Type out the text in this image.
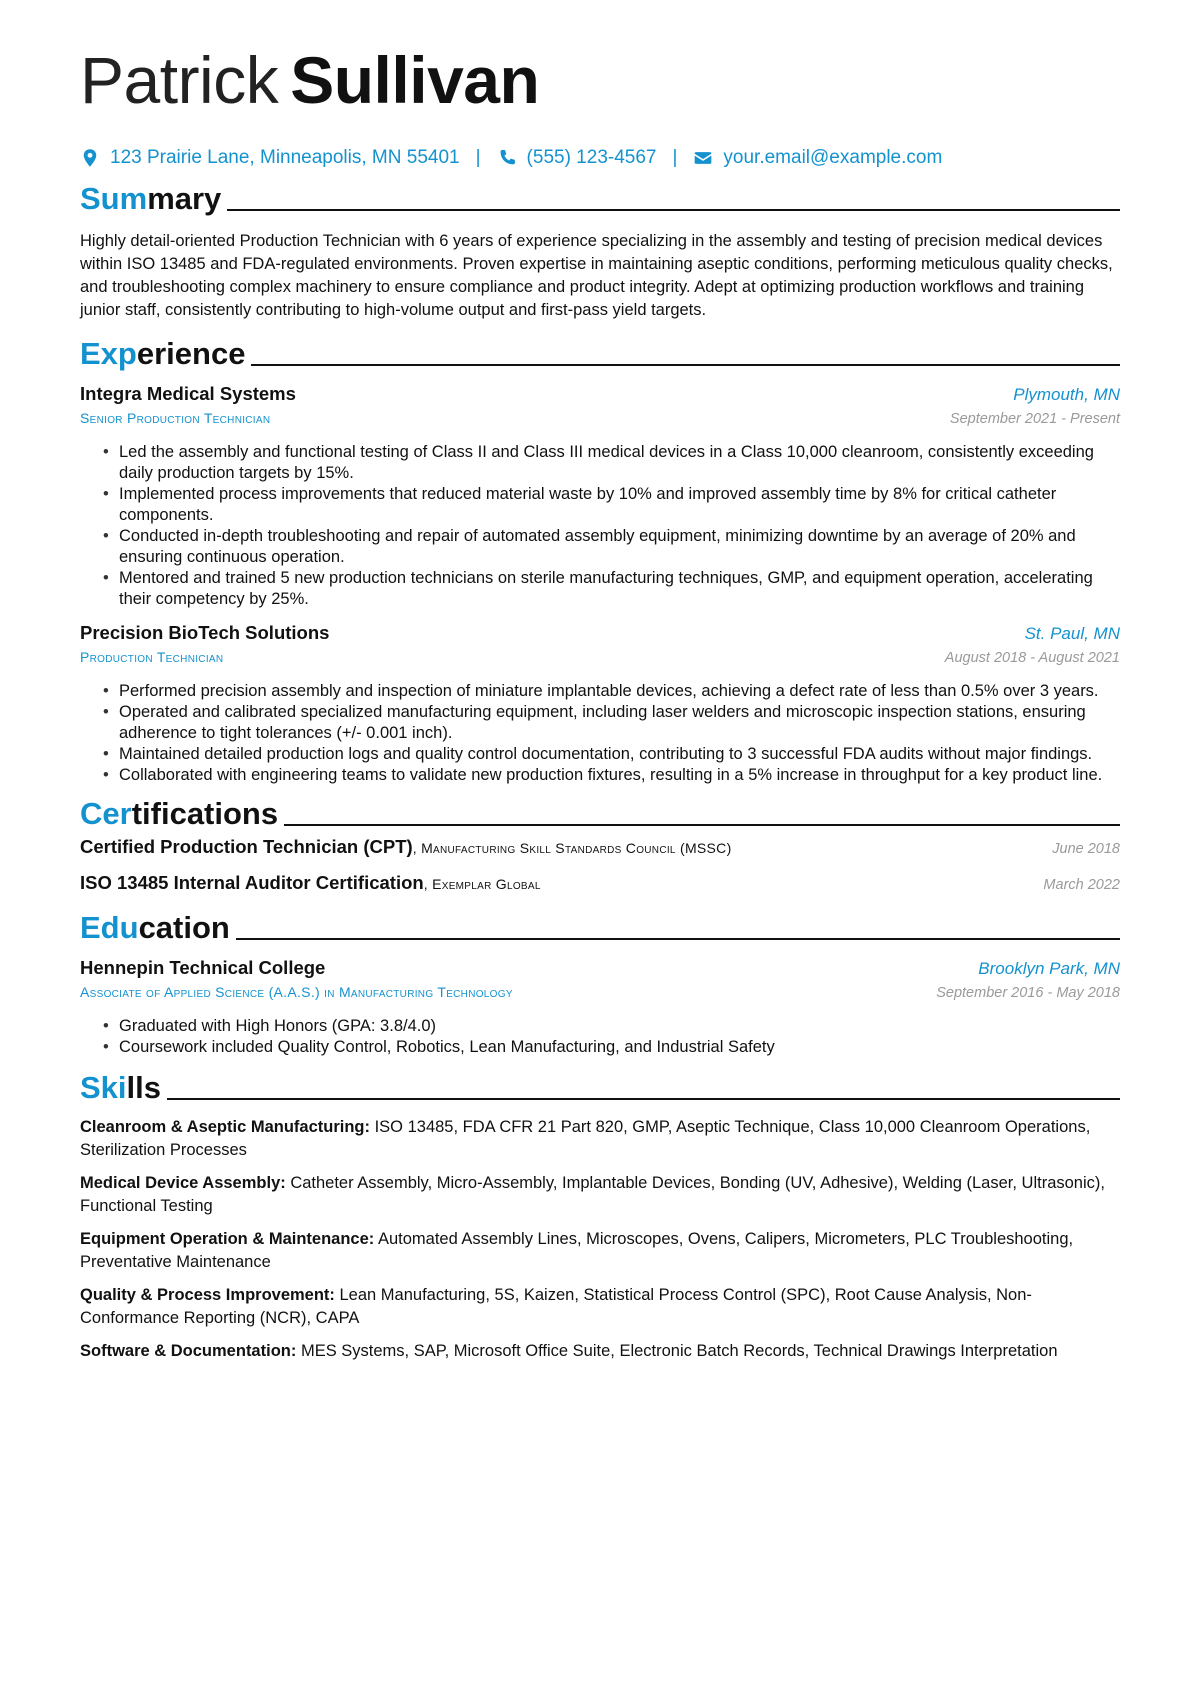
Patrick Sullivan
123 Prairie Lane, Minneapolis, MN 55401 | (555) 123-4567 | your.email@example.com
Summary

Highly detail-oriented Production Technician with 6 years of experience specializing in the assembly and testing of precision medical devices within ISO 13485 and FDA-regulated environments. Proven expertise in maintaining aseptic conditions, performing meticulous quality checks, and troubleshooting complex machinery to ensure compliance and product integrity. Adept at optimizing production workflows and training junior staff, consistently contributing to high-volume output and first-pass yield targets.

Experience
Integra Medical Systems	Plymouth, MN
Senior Production Technician	September 2021 - Present
• Led the assembly and functional testing of Class II and Class III medical devices in a Class 10,000 cleanroom, consistently exceeding daily production targets by 15%.
• Implemented process improvements that reduced material waste by 10% and improved assembly time by 8% for critical catheter components.
• Conducted in-depth troubleshooting and repair of automated assembly equipment, minimizing downtime by an average of 20% and ensuring continuous operation.
• Mentored and trained 5 new production technicians on sterile manufacturing techniques, GMP, and equipment operation, accelerating their competency by 25%.
Precision BioTech Solutions	St. Paul, MN
Production Technician	August 2018 - August 2021
• Performed precision assembly and inspection of miniature implantable devices, achieving a defect rate of less than 0.5% over 3 years.
• Operated and calibrated specialized manufacturing equipment, including laser welders and microscopic inspection stations, ensuring adherence to tight tolerances (+/- 0.001 inch).
• Maintained detailed production logs and quality control documentation, contributing to 3 successful FDA audits without major findings.
• Collaborated with engineering teams to validate new production fixtures, resulting in a 5% increase in throughput for a key product line.
Certifications
Certified Production Technician (CPT), Manufacturing Skill Standards Council (MSSC)	June 2018
ISO 13485 Internal Auditor Certification, Exemplar Global	March 2022
Education
Hennepin Technical College	Brooklyn Park, MN
Associate of Applied Science (A.A.S.) in Manufacturing Technology	September 2016 - May 2018
• Graduated with High Honors (GPA: 3.8/4.0)
• Coursework included Quality Control, Robotics, Lean Manufacturing, and Industrial Safety
Skills
Cleanroom & Aseptic Manufacturing: ISO 13485, FDA CFR 21 Part 820, GMP, Aseptic Technique, Class 10,000 Cleanroom Operations, Sterilization Processes
Medical Device Assembly: Catheter Assembly, Micro-Assembly, Implantable Devices, Bonding (UV, Adhesive), Welding (Laser, Ultrasonic), Functional Testing
Equipment Operation & Maintenance: Automated Assembly Lines, Microscopes, Ovens, Calipers, Micrometers, PLC Troubleshooting, Preventative Maintenance
Quality & Process Improvement: Lean Manufacturing, 5S, Kaizen, Statistical Process Control (SPC), Root Cause Analysis, Non-Conformance Reporting (NCR), CAPA
Software & Documentation: MES Systems, SAP, Microsoft Office Suite, Electronic Batch Records, Technical Drawings Interpretation
